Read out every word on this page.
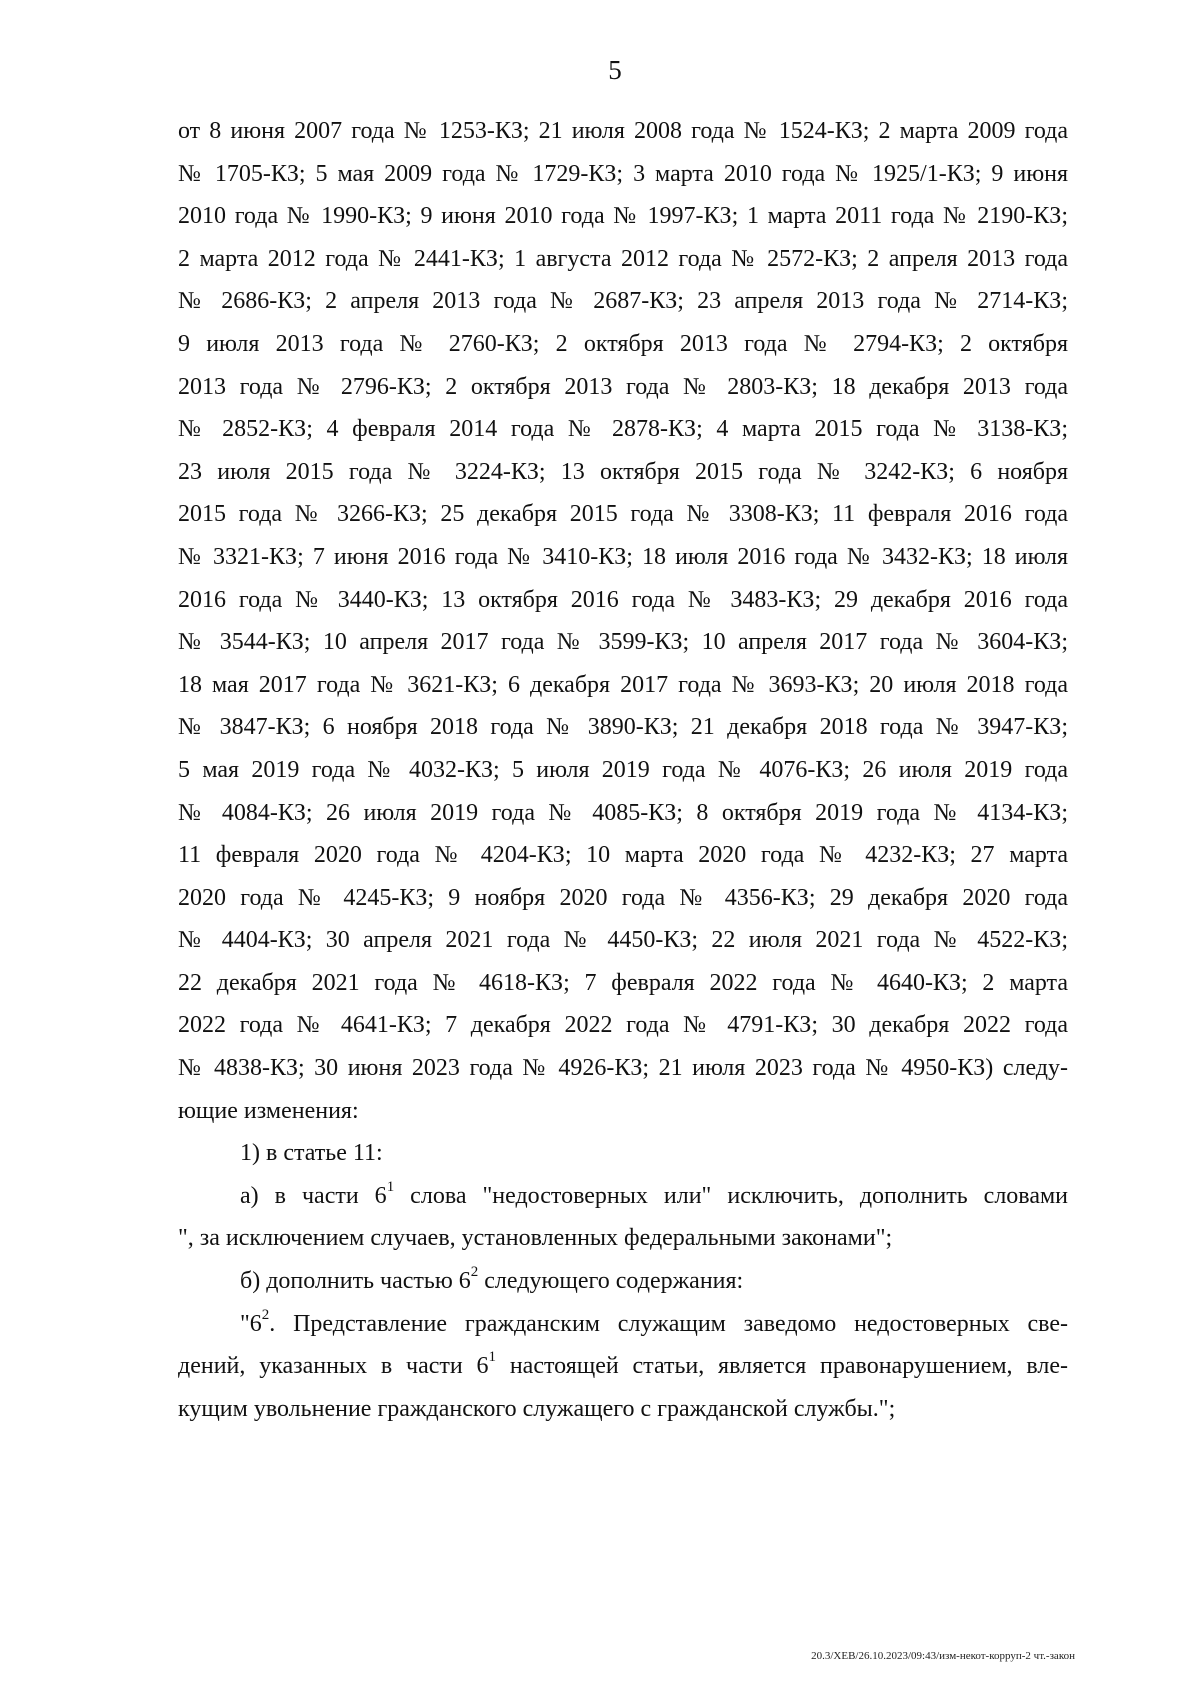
5

от 8 июня 2007 года № 1253-КЗ; 21 июля 2008 года № 1524-КЗ; 2 марта 2009 года

№ 1705-КЗ; 5 мая 2009 года № 1729-КЗ; 3 марта 2010 года № 1925/1-КЗ; 9 июня

2010 года № 1990-КЗ; 9 июня 2010 года № 1997-КЗ; 1 марта 2011 года № 2190-КЗ;

2 марта 2012 года № 2441-КЗ; 1 августа 2012 года № 2572-КЗ; 2 апреля 2013 года

№ 2686-КЗ; 2 апреля 2013 года № 2687-КЗ; 23 апреля 2013 года № 2714-КЗ;

9 июля 2013 года № 2760-КЗ; 2 октября 2013 года № 2794-КЗ; 2 октября

2013 года № 2796-КЗ; 2 октября 2013 года № 2803-КЗ; 18 декабря 2013 года

№ 2852-КЗ; 4 февраля 2014 года № 2878-КЗ; 4 марта 2015 года № 3138-КЗ;

23 июля 2015 года № 3224-КЗ; 13 октября 2015 года № 3242-КЗ; 6 ноября

2015 года № 3266-КЗ; 25 декабря 2015 года № 3308-КЗ; 11 февраля 2016 года

№ 3321-КЗ; 7 июня 2016 года № 3410-КЗ; 18 июля 2016 года № 3432-КЗ; 18 июля

2016 года № 3440-КЗ; 13 октября 2016 года № 3483-КЗ; 29 декабря 2016 года

№ 3544-КЗ; 10 апреля 2017 года № 3599-КЗ; 10 апреля 2017 года № 3604-КЗ;

18 мая 2017 года № 3621-КЗ; 6 декабря 2017 года № 3693-КЗ; 20 июля 2018 года

№ 3847-КЗ; 6 ноября 2018 года № 3890-КЗ; 21 декабря 2018 года № 3947-КЗ;

5 мая 2019 года № 4032-КЗ; 5 июля 2019 года № 4076-КЗ; 26 июля 2019 года

№ 4084-КЗ; 26 июля 2019 года № 4085-КЗ; 8 октября 2019 года № 4134-КЗ;

11 февраля 2020 года № 4204-КЗ; 10 марта 2020 года № 4232-КЗ; 27 марта

2020 года № 4245-КЗ; 9 ноября 2020 года № 4356-КЗ; 29 декабря 2020 года

№ 4404-КЗ; 30 апреля 2021 года № 4450-КЗ; 22 июля 2021 года № 4522-КЗ;

22 декабря 2021 года № 4618-КЗ; 7 февраля 2022 года № 4640-КЗ; 2 марта

2022 года № 4641-КЗ; 7 декабря 2022 года № 4791-КЗ; 30 декабря 2022 года

№ 4838-КЗ; 30 июня 2023 года № 4926-КЗ; 21 июля 2023 года № 4950-КЗ) следу-

ющие изменения:

1) в статье 11:

а) в части $6^1$ слова "недостоверных или" исключить, дополнить словами

", за исключением случаев, установленных федеральными законами";

б) дополнить частью $6^2$ следующего содержания:

"$6^2$. Представление гражданским служащим заведомо недостоверных све-

дений, указанных в части $6^1$ настоящей статьи, является правонарушением, вле-

кущим увольнение гражданского служащего с гражданской службы.";

20.3/ХЕВ/26.10.2023/09:43/изм-некот-корруп-2 чт.-закон
